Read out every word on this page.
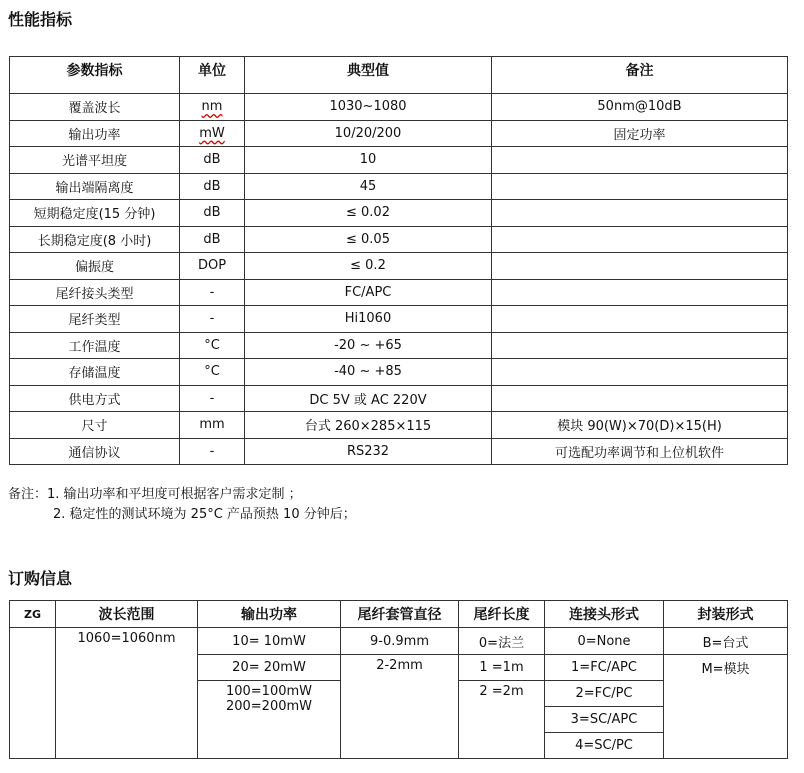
性能指标
参数指标	单位	典型值	备注
覆盖波长	nm	1030~1080	50nm@10dB
输出功率	mW	10/20/200	固定功率
光谱平坦度	dB	10	
输出端隔离度	dB	45	
短期稳定度(15 分钟)	dB	≤ 0.02	
长期稳定度(8 小时)	dB	≤ 0.05	
偏振度	DOP	≤ 0.2	
尾纤接头类型	-	FC/APC	
尾纤类型	-	Hi1060	
工作温度	°C	-20 ~ +65	
存储温度	°C	-40 ~ +85	
供电方式	-	DC 5V 或 AC 220V	
尺寸	mm	台式 260×285×115	模块 90(W)×70(D)×15(H)
通信协议	-	RS232	可选配功率调节和上位机软件
备注：1. 输出功率和平坦度可根据客户需求定制 ；
2. 稳定性的测试环境为 25°C 产品预热 10 分钟后；
订购信息
ZG	波长范围	输出功率	尾纤套管直径	尾纤长度	连接头形式	封装形式
	1060=1060nm	10= 10mW	9-0.9mm	0=法兰	0=None	B=台式
		20= 20mW	2-2mm	1 =1m	1=FC/APC	M=模块

		100=100mW
200=200mW		2 =2m	2=FC/PC	
					3=SC/APC	
					4=SC/PC	
